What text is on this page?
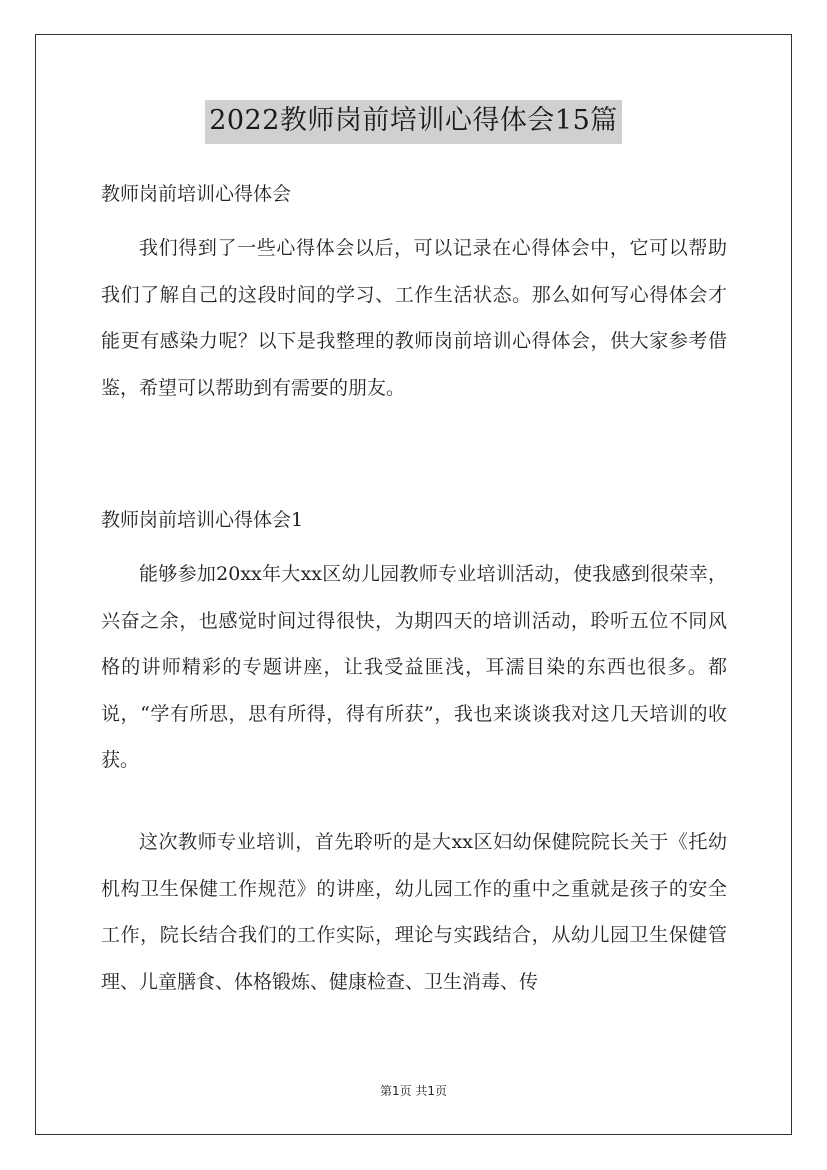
2022教师岗前培训心得体会15篇
教师岗前培训心得体会

我们得到了一些心得体会以后，可以记录在心得体会中，它可以帮助我们了解自己的这段时间的学习、工作生活状态。那么如何写心得体会才能更有感染力呢？以下是我整理的教师岗前培训心得体会，供大家参考借鉴，希望可以帮助到有需要的朋友。

教师岗前培训心得体会1

能够参加20xx年大xx区幼儿园教师专业培训活动，使我感到很荣幸，兴奋之余，也感觉时间过得很快，为期四天的培训活动，聆听五位不同风格的讲师精彩的专题讲座，让我受益匪浅，耳濡目染的东西也很多。都说，“学有所思，思有所得，得有所获”，我也来谈谈我对这几天培训的收获。

这次教师专业培训，首先聆听的是大xx区妇幼保健院院长关于《托幼机构卫生保健工作规范》的讲座，幼儿园工作的重中之重就是孩子的安全工作，院长结合我们的工作实际，理论与实践结合，从幼儿园卫生保健管理、儿童膳食、体格锻炼、健康检查、卫生消毒、传

第1页 共1页
